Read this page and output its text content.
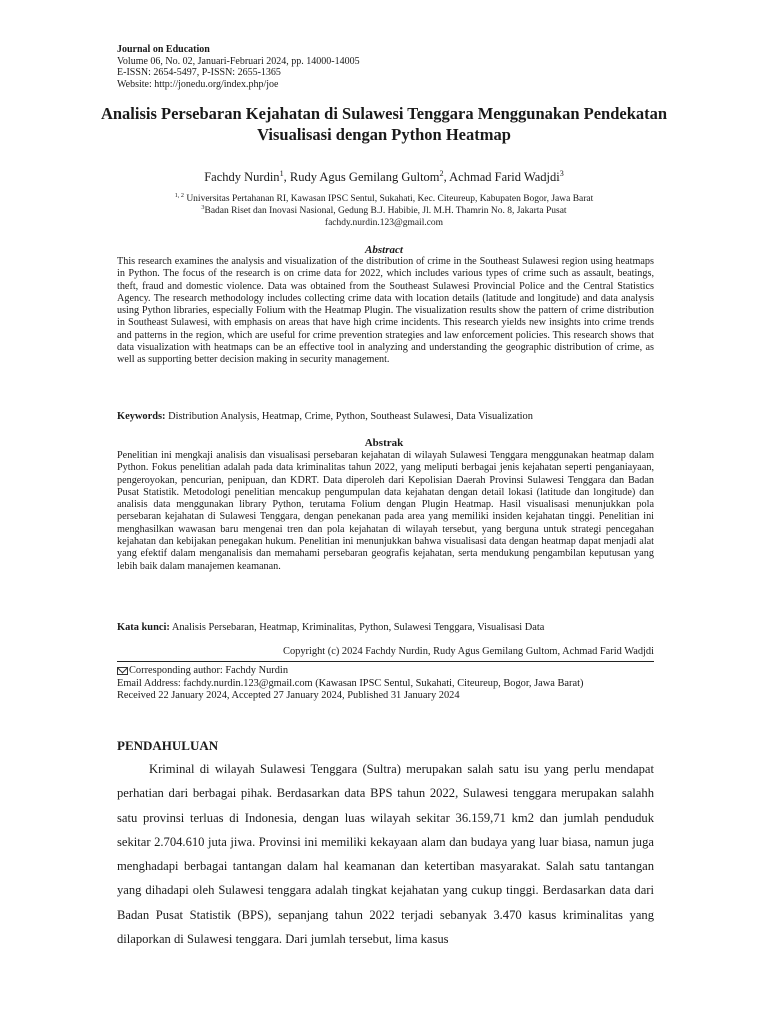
Journal on Education
Volume 06, No. 02, Januari-Februari 2024, pp. 14000-14005
E-ISSN: 2654-5497, P-ISSN: 2655-1365
Website: http://jonedu.org/index.php/joe
Analisis Persebaran Kejahatan di Sulawesi Tenggara Menggunakan Pendekatan Visualisasi dengan Python Heatmap
Fachdy Nurdin$^1$, Rudy Agus Gemilang Gultom$^2$, Achmad Farid Wadjdi$^3$
$^{1, 2}$ Universitas Pertahanan RI, Kawasan IPSC Sentul, Sukahati, Kec. Citeureup, Kabupaten Bogor, Jawa Barat
$^3$Badan Riset dan Inovasi Nasional, Gedung B.J. Habibie, Jl. M.H. Thamrin No. 8, Jakarta Pusat
fachdy.nurdin.123@gmail.com
Abstract
This research examines the analysis and visualization of the distribution of crime in the Southeast Sulawesi region using heatmaps in Python. The focus of the research is on crime data for 2022, which includes various types of crime such as assault, beatings, theft, fraud and domestic violence. Data was obtained from the Southeast Sulawesi Provincial Police and the Central Statistics Agency. The research methodology includes collecting crime data with location details (latitude and longitude) and data analysis using Python libraries, especially Folium with the Heatmap Plugin. The visualization results show the pattern of crime distribution in Southeast Sulawesi, with emphasis on areas that have high crime incidents. This research yields new insights into crime trends and patterns in the region, which are useful for crime prevention strategies and law enforcement policies. This research shows that data visualization with heatmaps can be an effective tool in analyzing and understanding the geographic distribution of crime, as well as supporting better decision making in security management.
Keywords: Distribution Analysis, Heatmap, Crime, Python, Southeast Sulawesi, Data Visualization
Abstrak
Penelitian ini mengkaji analisis dan visualisasi persebaran kejahatan di wilayah Sulawesi Tenggara menggunakan heatmap dalam Python. Fokus penelitian adalah pada data kriminalitas tahun 2022, yang meliputi berbagai jenis kejahatan seperti penganiayaan, pengeroyokan, pencurian, penipuan, dan KDRT. Data diperoleh dari Kepolisian Daerah Provinsi Sulawesi Tenggara dan Badan Pusat Statistik. Metodologi penelitian mencakup pengumpulan data kejahatan dengan detail lokasi (latitude dan longitude) dan analisis data menggunakan library Python, terutama Folium dengan Plugin Heatmap. Hasil visualisasi menunjukkan pola persebaran kejahatan di Sulawesi Tenggara, dengan penekanan pada area yang memiliki insiden kejahatan tinggi. Penelitian ini menghasilkan wawasan baru mengenai tren dan pola kejahatan di wilayah tersebut, yang berguna untuk strategi pencegahan kejahatan dan kebijakan penegakan hukum. Penelitian ini menunjukkan bahwa visualisasi data dengan heatmap dapat menjadi alat yang efektif dalam menganalisis dan memahami persebaran geografis kejahatan, serta mendukung pengambilan keputusan yang lebih baik dalam manajemen keamanan.
Kata kunci: Analisis Persebaran, Heatmap, Kriminalitas, Python, Sulawesi Tenggara, Visualisasi Data
Copyright (c) 2024 Fachdy Nurdin, Rudy Agus Gemilang Gultom, Achmad Farid Wadjdi
Corresponding author: Fachdy Nurdin
Email Address: fachdy.nurdin.123@gmail.com (Kawasan IPSC Sentul, Sukahati, Citeureup, Bogor, Jawa Barat)
Received 22 January 2024, Accepted 27 January 2024, Published 31 January 2024
PENDAHULUAN
Kriminal di wilayah Sulawesi Tenggara (Sultra) merupakan salah satu isu yang perlu mendapat perhatian dari berbagai pihak. Berdasarkan data BPS tahun 2022, Sulawesi tenggara merupakan salahh satu provinsi terluas di Indonesia, dengan luas wilayah sekitar 36.159,71 km2 dan jumlah penduduk sekitar 2.704.610 juta jiwa. Provinsi ini memiliki kekayaan alam dan budaya yang luar biasa, namun juga menghadapi berbagai tantangan dalam hal keamanan dan ketertiban masyarakat. Salah satu tantangan yang dihadapi oleh Sulawesi tenggara adalah tingkat kejahatan yang cukup tinggi. Berdasarkan data dari Badan Pusat Statistik (BPS), sepanjang tahun 2022 terjadi sebanyak 3.470 kasus kriminalitas yang dilaporkan di Sulawesi tenggara. Dari jumlah tersebut, lima kasus
